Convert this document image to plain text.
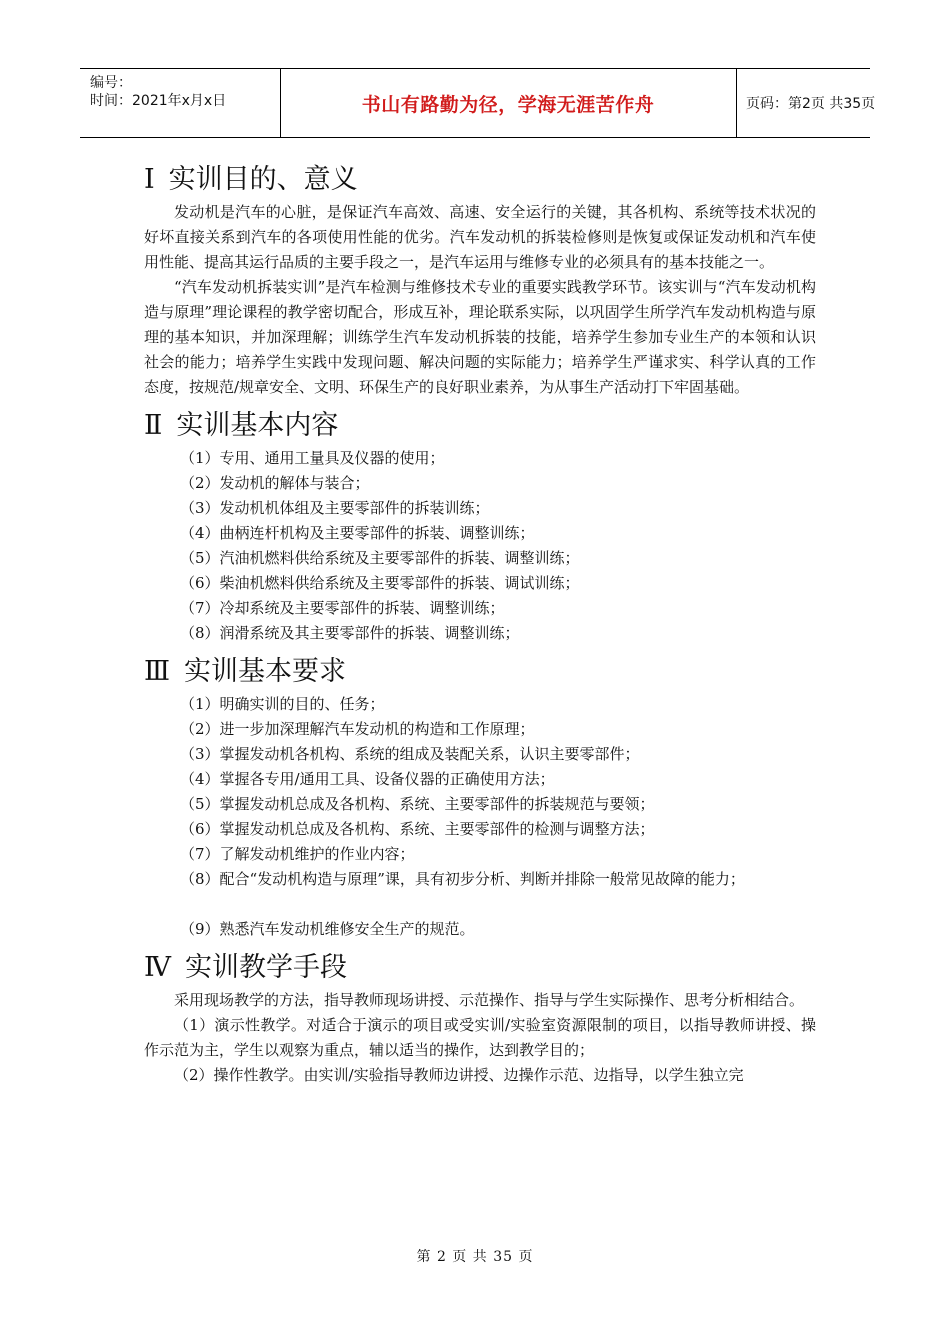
编号：
时间：2021年x月x日	书山有路勤为径，学海无涯苦作舟	页码：第2页 共35页
Ⅰ 实训目的、意义

发动机是汽车的心脏，是保证汽车高效、高速、安全运行的关键，其各机构、系统等技术状况的好坏直接关系到汽车的各项使用性能的优劣。汽车发动机的拆装检修则是恢复或保证发动机和汽车使用性能、提高其运行品质的主要手段之一，是汽车运用与维修专业的必须具有的基本技能之一。

“汽车发动机拆装实训”是汽车检测与维修技术专业的重要实践教学环节。该实训与“汽车发动机构造与原理”理论课程的教学密切配合，形成互补，理论联系实际，以巩固学生所学汽车发动机构造与原理的基本知识，并加深理解；训练学生汽车发动机拆装的技能，培养学生参加专业生产的本领和认识社会的能力；培养学生实践中发现问题、解决问题的实际能力；培养学生严谨求实、科学认真的工作态度，按规范/规章安全、文明、环保生产的良好职业素养，为从事生产活动打下牢固基础。

Ⅱ 实训基本内容

（1）专用、通用工量具及仪器的使用；

（2）发动机的解体与装合；

（3）发动机机体组及主要零部件的拆装训练；

（4）曲柄连杆机构及主要零部件的拆装、调整训练；

（5）汽油机燃料供给系统及主要零部件的拆装、调整训练；

（6）柴油机燃料供给系统及主要零部件的拆装、调试训练；

（7）冷却系统及主要零部件的拆装、调整训练；

（8）润滑系统及其主要零部件的拆装、调整训练；

Ⅲ 实训基本要求

（1）明确实训的目的、任务；

（2）进一步加深理解汽车发动机的构造和工作原理；

（3）掌握发动机各机构、系统的组成及装配关系，认识主要零部件；

（4）掌握各专用/通用工具、设备仪器的正确使用方法；

（5）掌握发动机总成及各机构、系统、主要零部件的拆装规范与要领；

（6）掌握发动机总成及各机构、系统、主要零部件的检测与调整方法；

（7）了解发动机维护的作业内容；

（8）配合“发动机构造与原理”课，具有初步分析、判断并排除一般常见故障的能力；

（9）熟悉汽车发动机维修安全生产的规范。

Ⅳ 实训教学手段

采用现场教学的方法，指导教师现场讲授、示范操作、指导与学生实际操作、思考分析相结合。

（1）演示性教学。对适合于演示的项目或受实训/实验室资源限制的项目，以指导教师讲授、操作示范为主，学生以观察为重点，辅以适当的操作，达到教学目的；

（2）操作性教学。由实训/实验指导教师边讲授、边操作示范、边指导，以学生独立完

第 2 页 共 35 页
